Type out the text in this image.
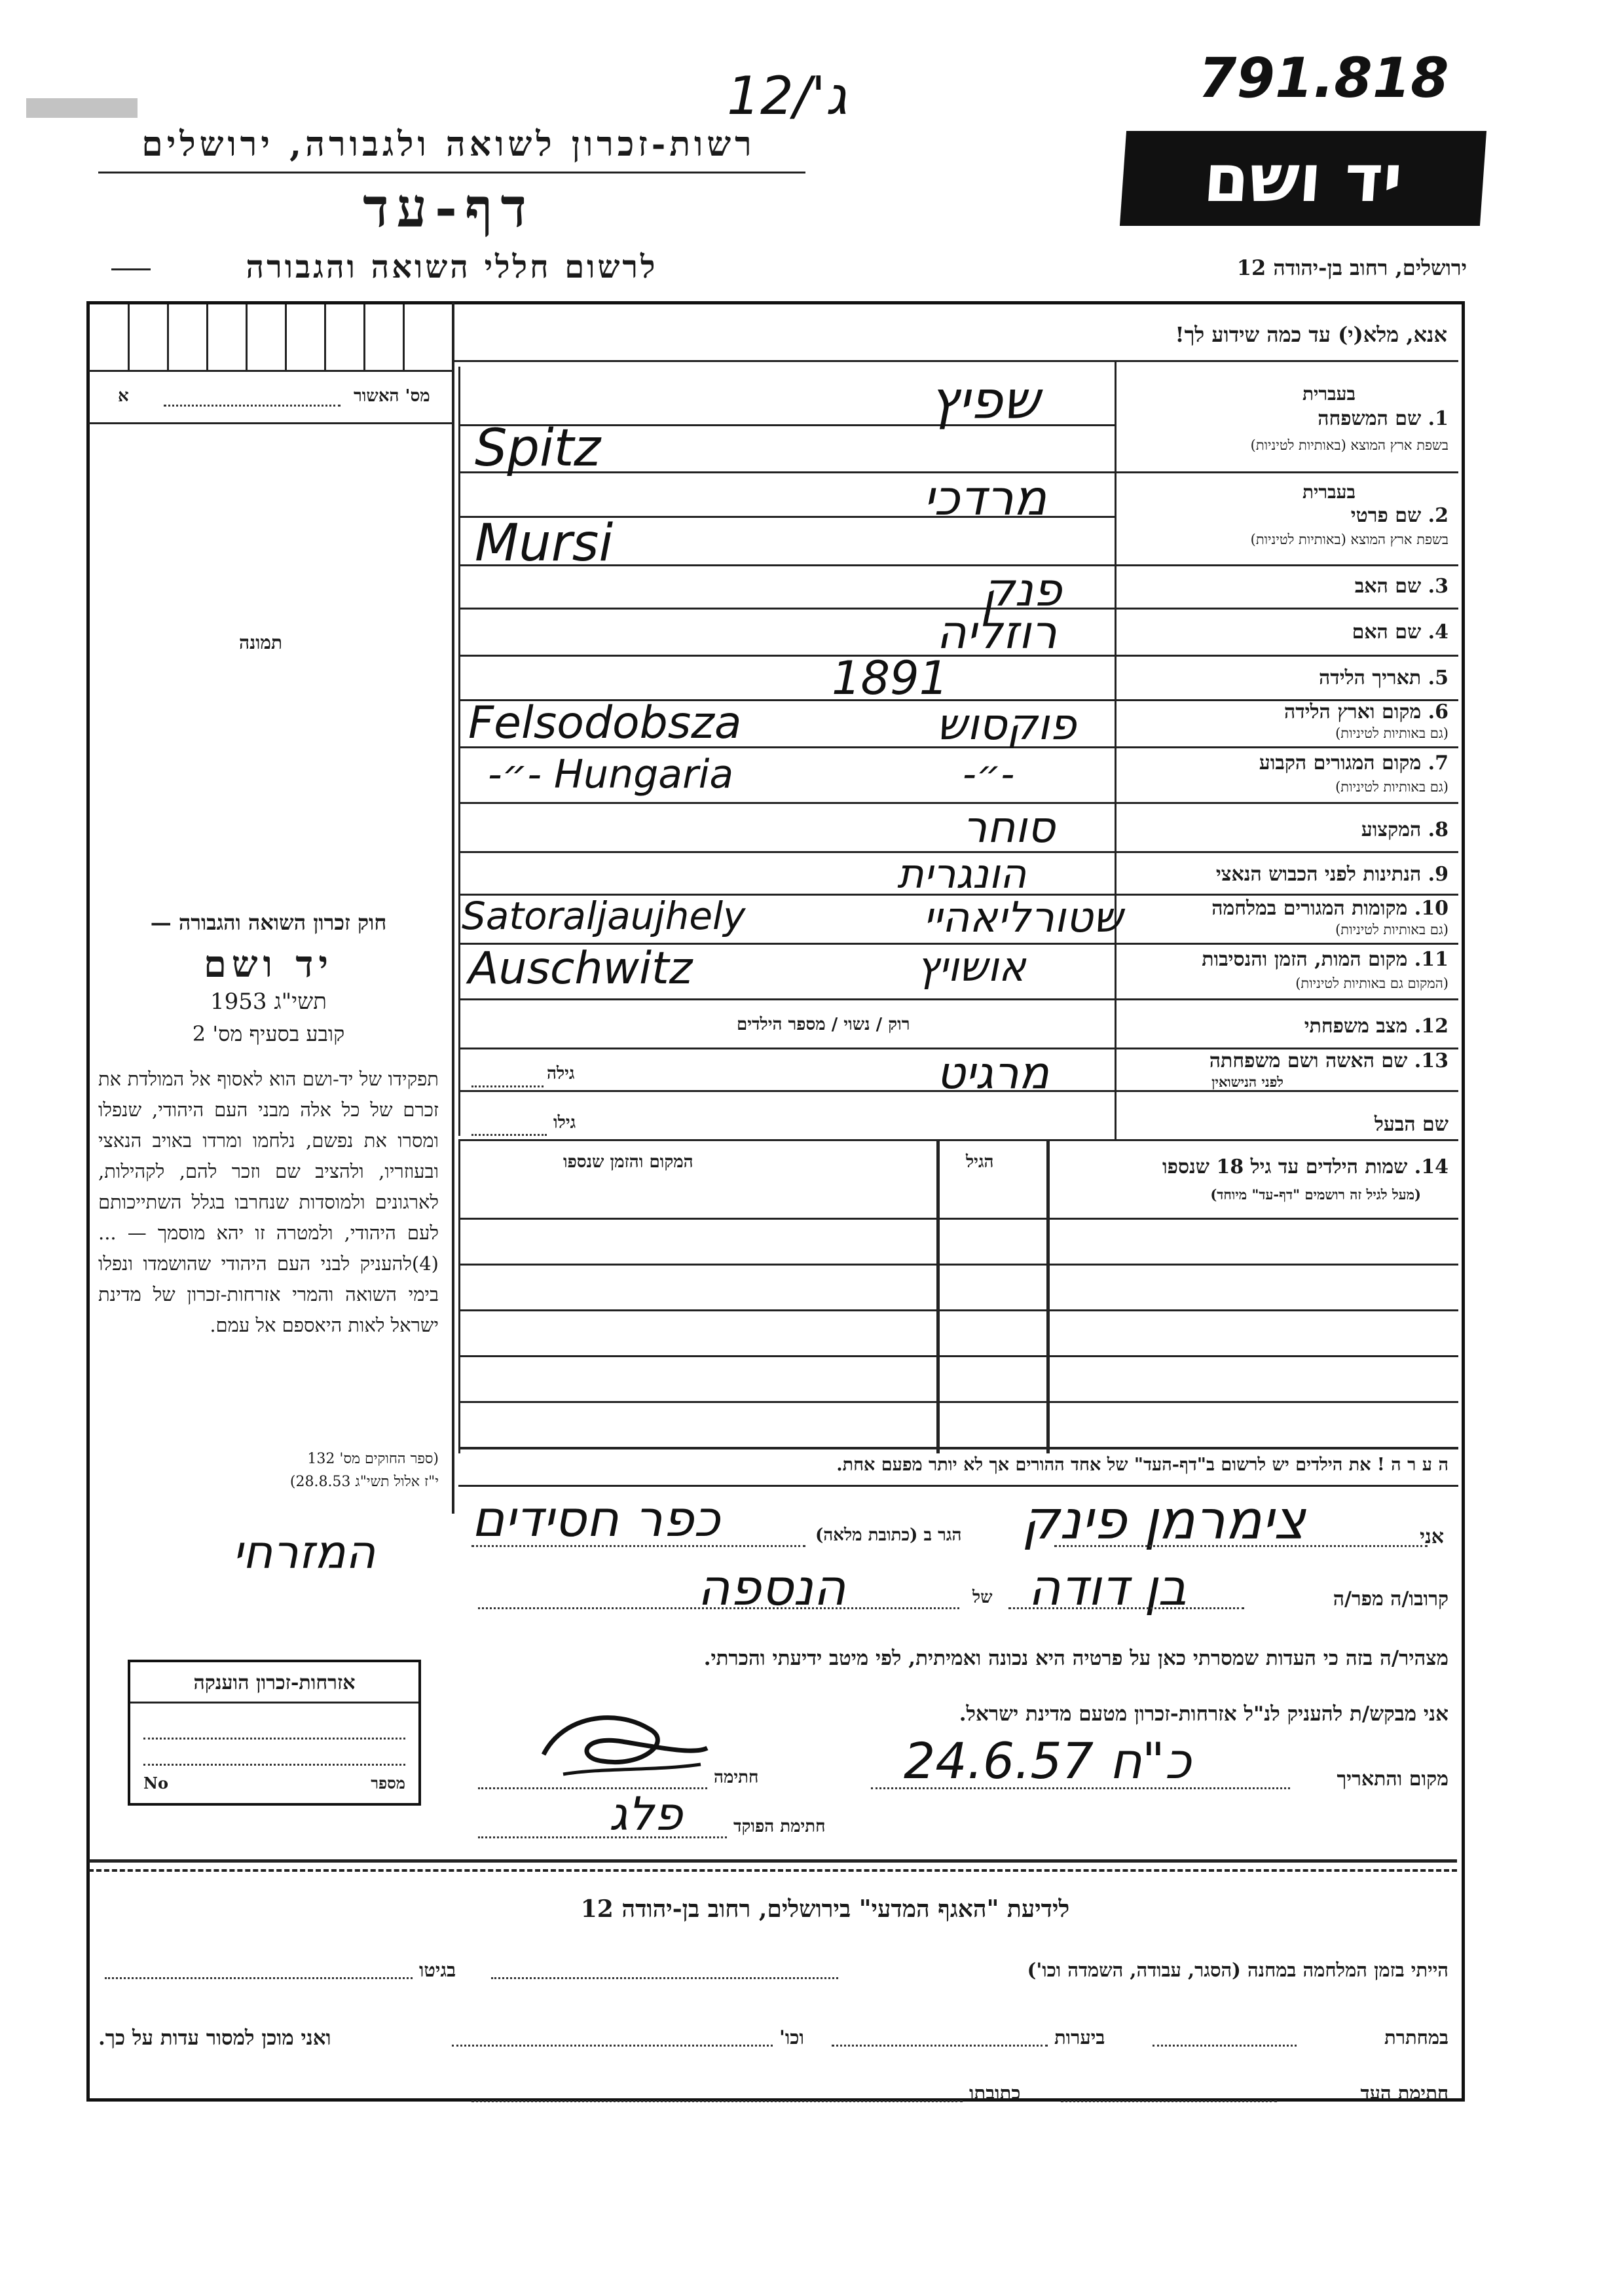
ג'/12	791.818
רשות-זכרון לשואה ולגבורה, ירושלים
דף-עד
לרשום חללי השואה והגבורה
יד ושם
ירושלים, רחוב בן-יהודה 12
מס' האשור
א
תמונה
חוק זכרון השואה והגבורה —
יד ושם
תשי"ג 1953
קובע בסעיף מס' 2
תפקידו של יד-ושם הוא לאסוף אל המולדת את זכרם של כל אלה מבני העם היהודי, שנפלו ומסרו את נפשם, נלחמו ומרדו באויב הנאצי ובעוזריו, ולהציב שם וזכר להם, לקהילות, לארגונים ולמוסדות שנחרבו בגלל השתייכותם לעם היהודי, ולמטרה זו יהא מוסמך — ...(4)להעניק לבני העם היהודי שהושמדו ונפלו בימי השואה והמרי אזרחות-זכרון של מדינת ישראל לאות היאספם אל עמם.
(ספר החוקים מס' 132
י"ז אלול תשי"ג 28.8.53)
אזרחות-זכרון הוענקה
מספר
No
אנא, מלא(י) עד כמה שידוע לך!
בעברית
1. שם המשפחה
בשפת ארץ המוצא (באותיות לטיניות)
בעברית
2. שם פרטי
בשפת ארץ המוצא (באותיות לטיניות)
3. שם האב
4. שם האם
5. תאריך הלידה
6. מקום וארץ הלידה
(גם באותיות לטיניות)
7. מקום המגורים הקבוע
(גם באותיות לטיניות)
8. המקצוע
9. הנתינות לפני הכבוש הנאצי
10. מקומות המגורים במלחמה
(גם באותיות לטיניות)
11. מקום המות, הזמן והנסיבות
(המקום גם באותיות לטיניות)
12. מצב משפחתי
רוק / נשוי / מספר הילדים
13. שם האשה ושם משפחתה
לפני הנישואין
גילה
שם הבעל
גילו
שפיץ
Spitz
מרדכי
Mursi
פנק
רוזליה
1891
פוקסוש
Felsodobsza
-״-
-״- Hungaria
סוחר
הונגרית
שטורליאהיי
Satoraljaujhely
אושויץ
Auschwitz
מרגיט
14. שמות הילדים עד גיל 18 שנספו
(מעל לגיל זה רושמים "דף-עד" מיוחד)
הגיל
המקום והזמן שנספו
ה ע ר ה ! את הילדים יש לרשום ב"דף-העד" של אחד ההורים אך לא יותר מפעם אחת.
אני
צימרמן פינק
הגר ב (כתובת מלאה)
כפר חסידים
המזרחי
קרובו/ה מפר/ה
בן דודה
של
הנספה
מצהיר/ה בזה כי העדות שמסרתי כאן על פרטיה היא נכונה ואמיתית, לפי מיטב ידיעתי והכרתי.
אני מבקש/ת להעניק לנ"ל אזרחות-זכרון מטעם מדינת ישראל.
מקום והתאריך
24.6.57 כ"ח
חתימה
חתימת הפוקד
פלג
לידיעת "האגף המדעי" בירושלים, רחוב בן-יהודה 12
הייתי בזמן המלחמה במחנה (הסגר, עבודה, השמדה וכו')
בגיטו
במחתרת
ביערות
וכו'
ואני מוכן למסור עדות על כך.
חתימת העד
כתובתו
